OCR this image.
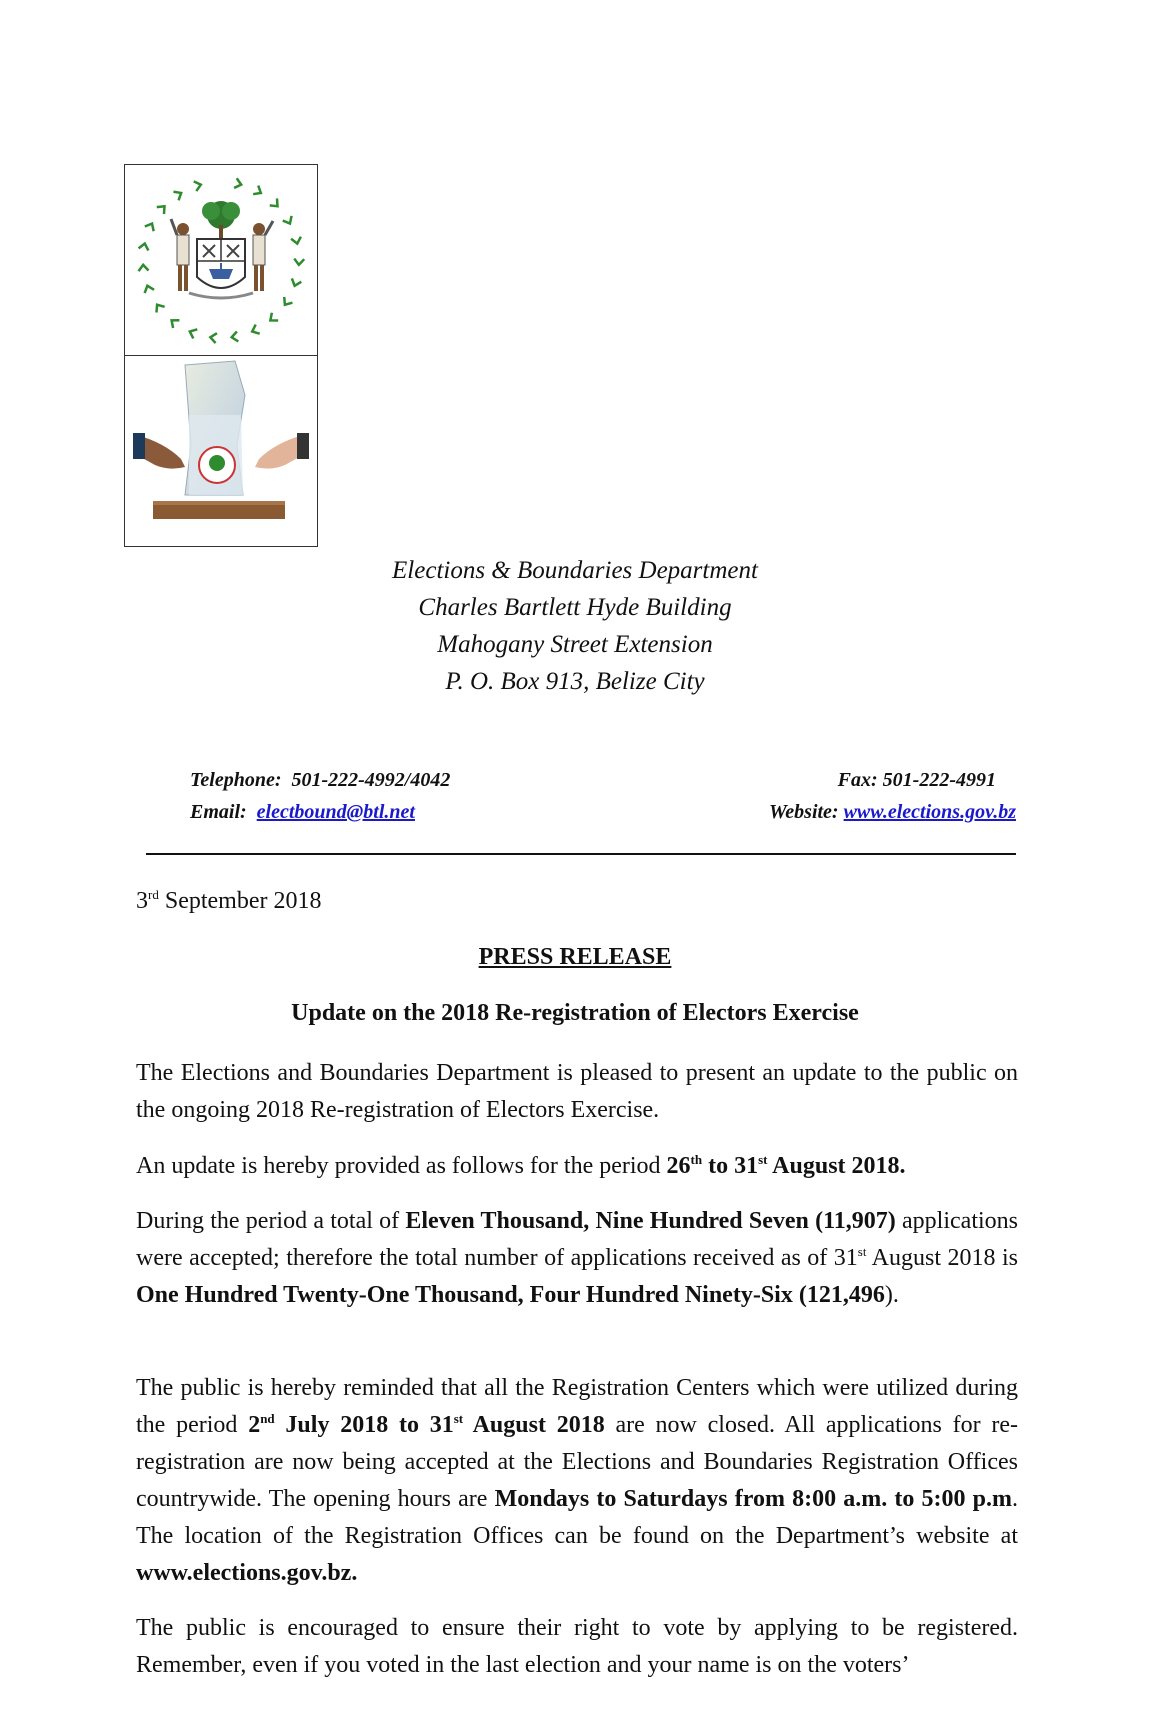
Elections & Boundaries Department
Charles Bartlett Hyde Building
Mahogany Street Extension
P. O. Box 913, Belize City
Telephone: 501-222-4992/4042	Fax: 501-222-4991
Email: electbound@btl.net	Website: www.elections.gov.bz
3rd September 2018
PRESS RELEASE
Update on the 2018 Re-registration of Electors Exercise

The Elections and Boundaries Department is pleased to present an update to the public on the ongoing 2018 Re-registration of Electors Exercise.

An update is hereby provided as follows for the period 26th to 31st August 2018.

During the period a total of Eleven Thousand, Nine Hundred Seven (11,907) applications were accepted; therefore the total number of applications received as of 31st August 2018 is One Hundred Twenty-One Thousand, Four Hundred Ninety-Six (121,496).

The public is hereby reminded that all the Registration Centers which were utilized during the period 2nd July 2018 to 31st August 2018 are now closed. All applications for re-registration are now being accepted at the Elections and Boundaries Registration Offices countrywide. The opening hours are Mondays to Saturdays from 8:00 a.m. to 5:00 p.m. The location of the Registration Offices can be found on the Department’s website at www.elections.gov.bz.

The public is encouraged to ensure their right to vote by applying to be registered. Remember, even if you voted in the last election and your name is on the voters’
